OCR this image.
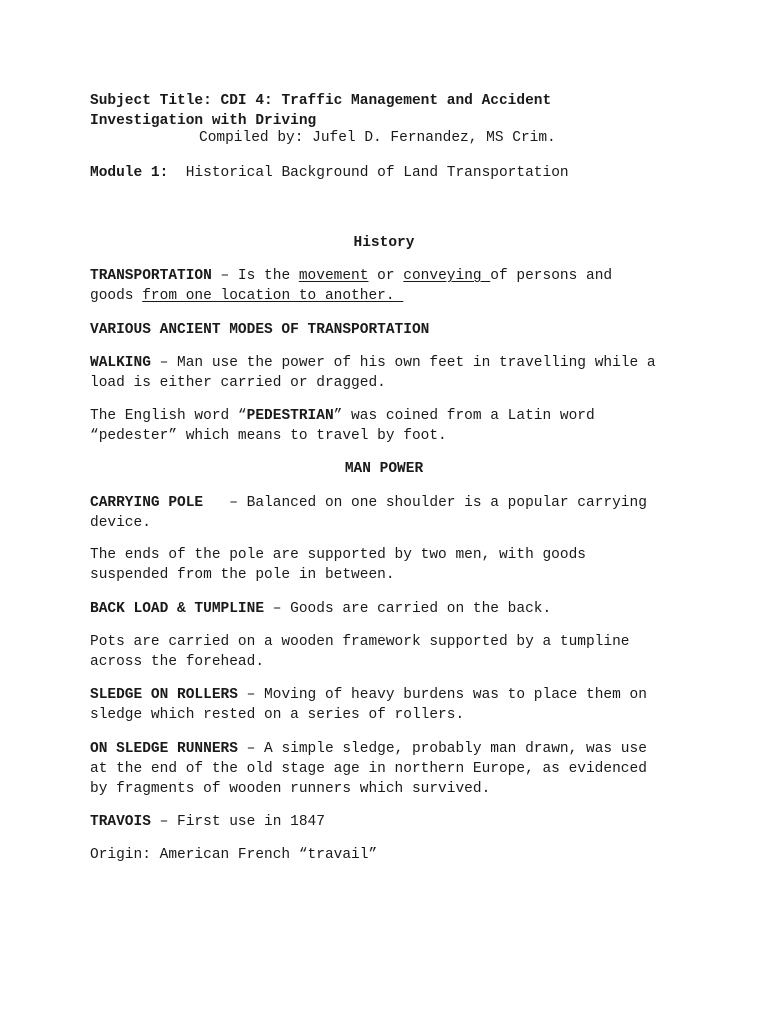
Subject Title: CDI 4: Traffic Management and Accident
Investigation with Driving
Compiled by: Jufel D. Fernandez, MS Crim.
Module 1: Historical Background of Land Transportation
History
TRANSPORTATION – Is the movement or conveying of persons and
goods from one location to another.
VARIOUS ANCIENT MODES OF TRANSPORTATION

WALKING – Man use the power of his own feet in travelling while a
load is either carried or dragged.

The English word “PEDESTRIAN” was coined from a Latin word
“pedester” which means to travel by foot.

MAN POWER

CARRYING POLE   – Balanced on one shoulder is a popular carrying
device.

The ends of the pole are supported by two men, with goods
suspended from the pole in between.

BACK LOAD & TUMPLINE – Goods are carried on the back.

Pots are carried on a wooden framework supported by a tumpline
across the forehead.

SLEDGE ON ROLLERS – Moving of heavy burdens was to place them on
sledge which rested on a series of rollers.

ON SLEDGE RUNNERS – A simple sledge, probably man drawn, was use
at the end of the old stage age in northern Europe, as evidenced
by fragments of wooden runners which survived.

TRAVOIS – First use in 1847

Origin: American French “travail”
